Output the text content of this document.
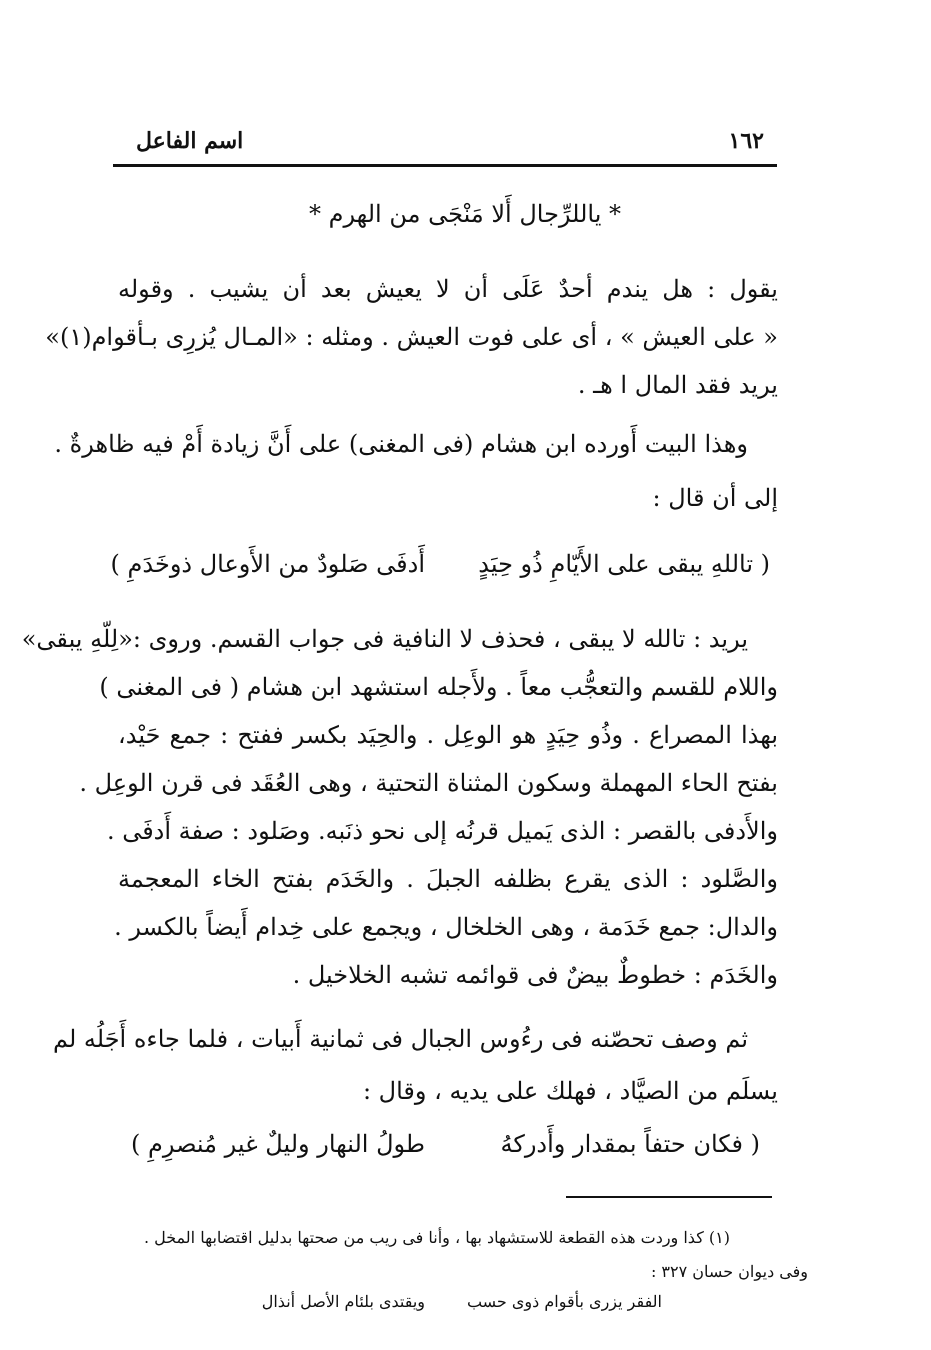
اسم الفاعل	١٦٢
* ياللرِّجال أَلا مَنْجَى من الهرم *
يقول : هل يندم أحدٌ عَلَى أن لا يعيش بعد أن يشيب . وقوله
« على العيش » ، أى على فوت العيش . ومثله : «المـال يُزرِى بـأقوام(١)»
يريد فقد المال ا هـ .
وهذا البيت أَورده ابن هشام (فى المغنى) على أَنَّ زيادة أَمْ فيه ظاهرةٌ .
إلى أن قال :
( تاللهِ يبقى على الأَيّامِ ذُو حِيَدٍ
أَدفَى صَلودٌ من الأَوعال ذوخَدَمِ )
يريد : تالله لا يبقى ، فحذف لا النافية فى جواب القسم. وروى :«لِلّهِ يبقى»
واللام للقسم والتعجُّب معاً . ولأَجله استشهد ابن هشام ( فى المغنى )
بهذا المصراع . وذُو حِيَدٍ هو الوعِل . والحِيَد بكسر ففتح : جمع حَيْد،
بفتح الحاء المهملة وسكون المثناة التحتية ، وهى العُقَد فى قرن الوعِل .
والأَدفى بالقصر : الذى يَميل قرنُه إلى نحو ذنَبه. وصَلود : صفة أَدفَى .
والصَّلود : الذى يقرع بظلفه الجبلَ . والخَدَم بفتح الخاء المعجمة
والدال: جمع خَدَمة ، وهى الخلخال ، ويجمع على خِدام أَيضاً بالكسر .
والخَدَم : خطوطٌ بيضٌ فى قوائمه تشبه الخلاخيل .
ثم وصف تحصّنه فى رءُوس الجبال فى ثمانية أَبيات ، فلما جاءه أَجَلُه لم
يسلَم من الصيَّاد ، فهلك على يديه ، وقال :
( فكان حتفاً بمقدار وأَدركهُ
طولُ النهار وليلٌ غير مُنصرِمِ )
(١) كذا وردت هذه القطعة للاستشهاد بها ، وأنا فى ريب من صحتها بدليل اقتضابها المخل .
وفى ديوان حسان ٣٢٧ :
الفقر يزرى بأقوام ذوى حسب
ويقتدى بلئام الأصل أنذال
